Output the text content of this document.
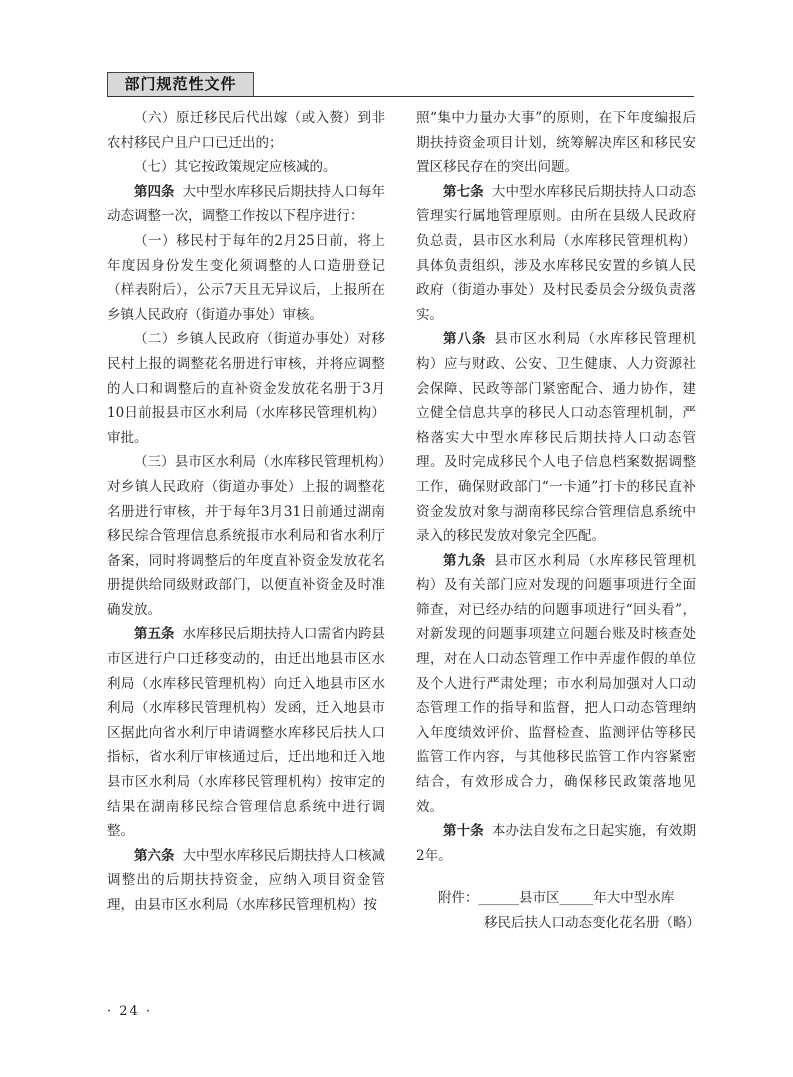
部门规范性文件

（六）原迁移民后代出嫁（或入赘）到非农村移民户且户口已迁出的；

（七）其它按政策规定应核减的。

第四条 大中型水库移民后期扶持人口每年动态调整一次，调整工作按以下程序进行：

（一）移民村于每年的2月25日前，将上年度因身份发生变化须调整的人口造册登记（样表附后），公示7天且无异议后，上报所在乡镇人民政府（街道办事处）审核。

（二）乡镇人民政府（街道办事处）对移民村上报的调整花名册进行审核，并将应调整的人口和调整后的直补资金发放花名册于3月10日前报县市区水利局（水库移民管理机构）审批。

（三）县市区水利局（水库移民管理机构）对乡镇人民政府（街道办事处）上报的调整花名册进行审核，并于每年3月31日前通过湖南移民综合管理信息系统报市水利局和省水利厅备案，同时将调整后的年度直补资金发放花名册提供给同级财政部门，以便直补资金及时准确发放。

第五条 水库移民后期扶持人口需省内跨县市区进行户口迁移变动的，由迁出地县市区水利局（水库移民管理机构）向迁入地县市区水利局（水库移民管理机构）发函，迁入地县市区据此向省水利厅申请调整水库移民后扶人口指标，省水利厅审核通过后，迁出地和迁入地县市区水利局（水库移民管理机构）按审定的结果在湖南移民综合管理信息系统中进行调整。

第六条 大中型水库移民后期扶持人口核减调整出的后期扶持资金，应纳入项目资金管理，由县市区水利局（水库移民管理机构）按

照“集中力量办大事”的原则，在下年度编报后期扶持资金项目计划，统筹解决库区和移民安置区移民存在的突出问题。

第七条 大中型水库移民后期扶持人口动态管理实行属地管理原则。由所在县级人民政府负总责，县市区水利局（水库移民管理机构）具体负责组织，涉及水库移民安置的乡镇人民政府（街道办事处）及村民委员会分级负责落实。

第八条 县市区水利局（水库移民管理机构）应与财政、公安、卫生健康、人力资源社会保障、民政等部门紧密配合、通力协作，建立健全信息共享的移民人口动态管理机制，严格落实大中型水库移民后期扶持人口动态管理。及时完成移民个人电子信息档案数据调整工作，确保财政部门“一卡通”打卡的移民直补资金发放对象与湖南移民综合管理信息系统中录入的移民发放对象完全匹配。

第九条 县市区水利局（水库移民管理机构）及有关部门应对发现的问题事项进行全面筛查，对已经办结的问题事项进行“回头看”，对新发现的问题事项建立问题台账及时核查处理，对在人口动态管理工作中弄虚作假的单位及个人进行严肃处理；市水利局加强对人口动态管理工作的指导和监督，把人口动态管理纳入年度绩效评价、监督检查、监测评估等移民监管工作内容，与其他移民监管工作内容紧密结合，有效形成合力，确保移民政策落地见效。

第十条 本办法自发布之日起实施，有效期2年。

附件：______县市区_____年大中型水库

移民后扶人口动态变化花名册（略）

· 24 ·
